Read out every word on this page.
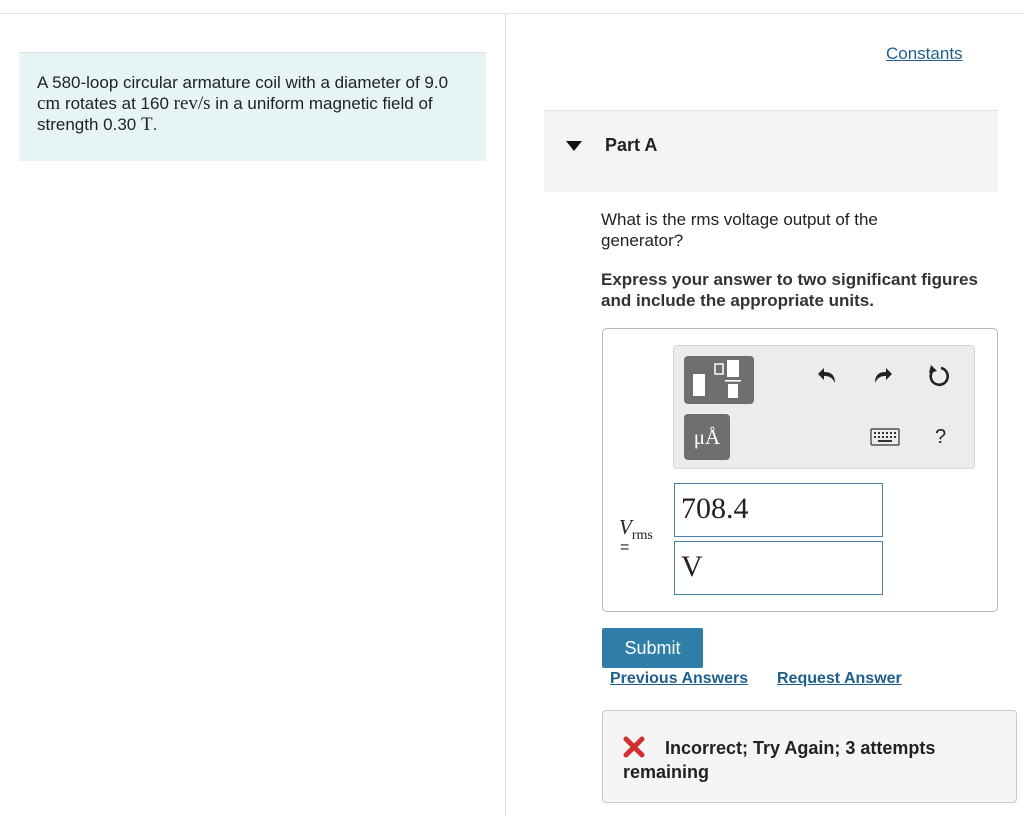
A 580-loop circular armature coil with a diameter of 9.0 cm rotates at 160 rev/s in a uniform magnetic field of strength 0.30 T.
Constants
Part A
What is the rms voltage output of the generator?
Express your answer to two significant figures and include the appropriate units.
μÅ	?
Vrms
=
708.4
V
Submit
Previous Answers Request Answer
Incorrect; Try Again; 3 attempts remaining
